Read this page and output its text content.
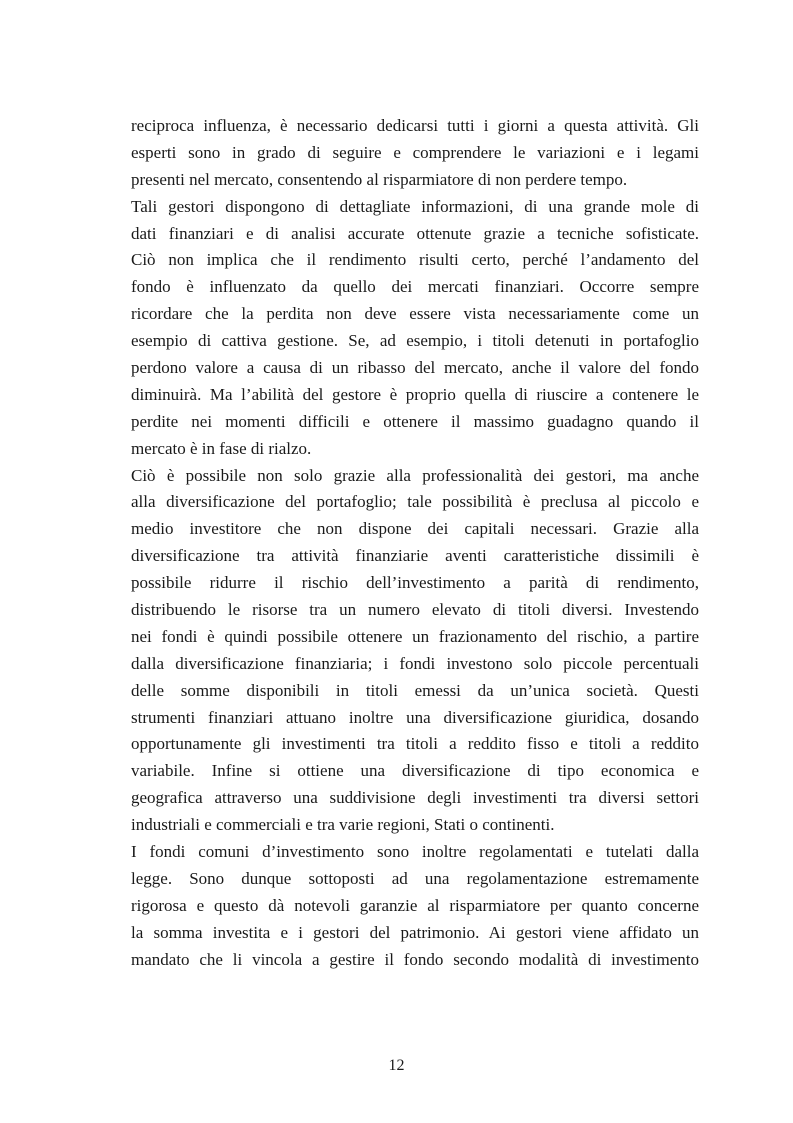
reciproca influenza, è necessario dedicarsi tutti i giorni a questa attività. Gli
esperti sono in grado di seguire e comprendere le variazioni e i legami
presenti nel mercato, consentendo al risparmiatore di non perdere tempo.
Tali gestori dispongono di dettagliate informazioni, di una grande mole di
dati finanziari e di analisi accurate ottenute grazie a tecniche sofisticate.
Ciò non implica che il rendimento risulti certo, perché l’andamento del
fondo è influenzato da quello dei mercati finanziari. Occorre sempre
ricordare che la perdita non deve essere vista necessariamente come un
esempio di cattiva gestione. Se, ad esempio, i titoli detenuti in portafoglio
perdono valore a causa di un ribasso del mercato, anche il valore del fondo
diminuirà. Ma l’abilità del gestore è proprio quella di riuscire a contenere le
perdite nei momenti difficili e ottenere il massimo guadagno quando il
mercato è in fase di rialzo.
Ciò è possibile non solo grazie alla professionalità dei gestori, ma anche
alla diversificazione del portafoglio; tale possibilità è preclusa al piccolo e
medio investitore che non dispone dei capitali necessari. Grazie alla
diversificazione tra attività finanziarie aventi caratteristiche dissimili è
possibile ridurre il rischio dell’investimento a parità di rendimento,
distribuendo le risorse tra un numero elevato di titoli diversi. Investendo
nei fondi è quindi possibile ottenere un frazionamento del rischio, a partire
dalla diversificazione finanziaria; i fondi investono solo piccole percentuali
delle somme disponibili in titoli emessi da un’unica società. Questi
strumenti finanziari attuano inoltre una diversificazione giuridica, dosando
opportunamente gli investimenti tra titoli a reddito fisso e titoli a reddito
variabile. Infine si ottiene una diversificazione di tipo economica e
geografica attraverso una suddivisione degli investimenti tra diversi settori
industriali e commerciali e tra varie regioni, Stati o continenti.
I fondi comuni d’investimento sono inoltre regolamentati e tutelati dalla
legge. Sono dunque sottoposti ad una regolamentazione estremamente
rigorosa e questo dà notevoli garanzie al risparmiatore per quanto concerne
la somma investita e i gestori del patrimonio. Ai gestori viene affidato un
mandato che li vincola a gestire il fondo secondo modalità di investimento
12
